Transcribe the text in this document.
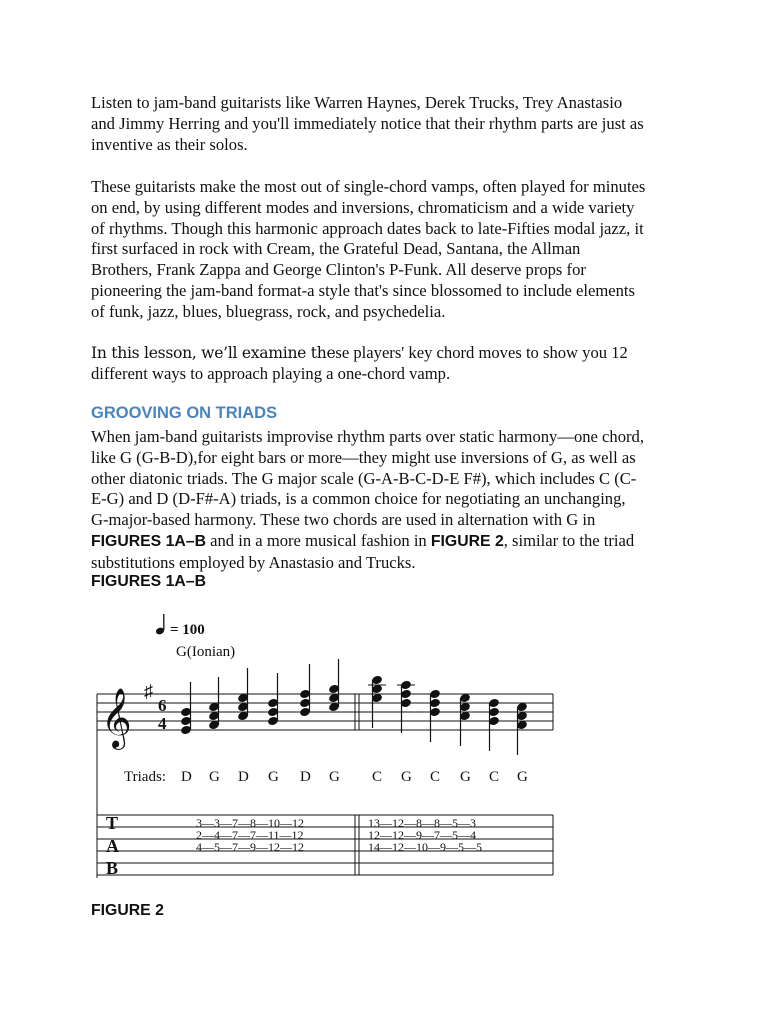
Listen to jam-band guitarists like Warren Haynes, Derek Trucks, Trey Anastasio
and Jimmy Herring and you'll immediately notice that their rhythm parts are just as
inventive as their solos.
These guitarists make the most out of single-chord vamps, often played for minutes
on end, by using different modes and inversions, chromaticism and a wide variety
of rhythms. Though this harmonic approach dates back to late-Fifties modal jazz, it
first surfaced in rock with Cream, the Grateful Dead, Santana, the Allman
Brothers, Frank Zappa and George Clinton's P-Funk. All deserve props for
pioneering the jam-band format-a style that's since blossomed to include elements
of funk, jazz, blues, bluegrass, rock, and psychedelia.
In this lesson, we’ll examine these players' key chord moves to show you 12
different ways to approach playing a one-chord vamp.
GROOVING ON TRIADS
When jam-band guitarists improvise rhythm parts over static harmony—one chord,
like G (G-B-D),for eight bars or more—they might use inversions of G, as well as
other diatonic triads. The G major scale (G-A-B-C-D-E F#), which includes C (C-
E-G) and D (D-F#-A) triads, is a common choice for negotiating an unchanging,
G-major-based harmony. These two chords are used in alternation with G in
FIGURES 1A–B and in a more musical fashion in FIGURE 2, similar to the triad
substitutions employed by Anastasio and Trucks.
FIGURES 1A–B
= 100
G(Ionian)
𝄞 ♯
6
4
Triads: D G D G D G C G C G C G
T
A
B
3—3—7—8—10—12
2—4—7—7—11—12
4—5—7—9—12—12
13—12—8—8—5—3
12—12—9—7—5—4
14—12—10—9—5—5
FIGURE 2
